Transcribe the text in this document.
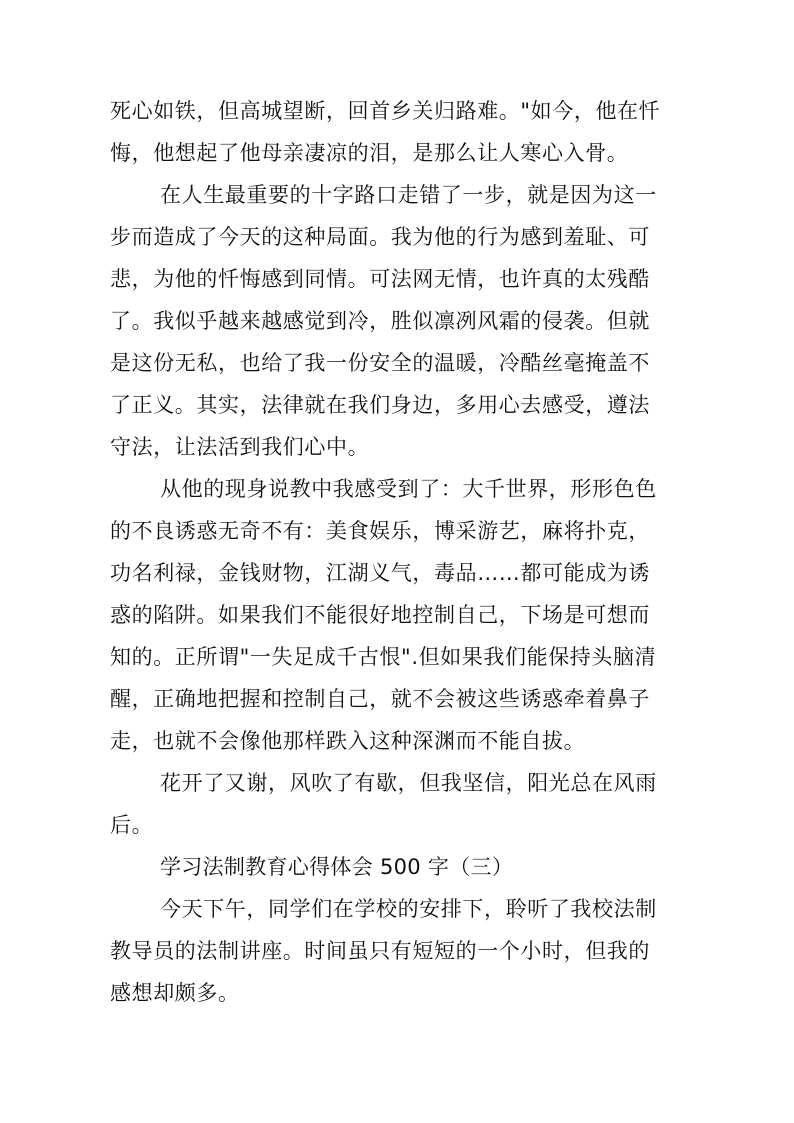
死心如铁，但高城望断，回首乡关归路难。"如今，他在忏
悔，他想起了他母亲凄凉的泪，是那么让人寒心入骨。
在人生最重要的十字路口走错了一步，就是因为这一
步而造成了今天的这种局面。我为他的行为感到羞耻、可
悲，为他的忏悔感到同情。可法网无情，也许真的太残酷
了。我似乎越来越感觉到冷，胜似凛冽风霜的侵袭。但就
是这份无私，也给了我一份安全的温暖，冷酷丝毫掩盖不
了正义。其实，法律就在我们身边，多用心去感受，遵法
守法，让法活到我们心中。
从他的现身说教中我感受到了：大千世界，形形色色
的不良诱惑无奇不有：美食娱乐，博采游艺，麻将扑克，
功名利禄，金钱财物，江湖义气，毒品……都可能成为诱
惑的陷阱。如果我们不能很好地控制自己，下场是可想而
知的。正所谓"一失足成千古恨".但如果我们能保持头脑清
醒，正确地把握和控制自己，就不会被这些诱惑牵着鼻子
走，也就不会像他那样跌入这种深渊而不能自拔。
花开了又谢，风吹了有歇，但我坚信，阳光总在风雨
后。
学习法制教育心得体会 500 字（三）
今天下午，同学们在学校的安排下，聆听了我校法制
教导员的法制讲座。时间虽只有短短的一个小时，但我的
感想却颇多。
